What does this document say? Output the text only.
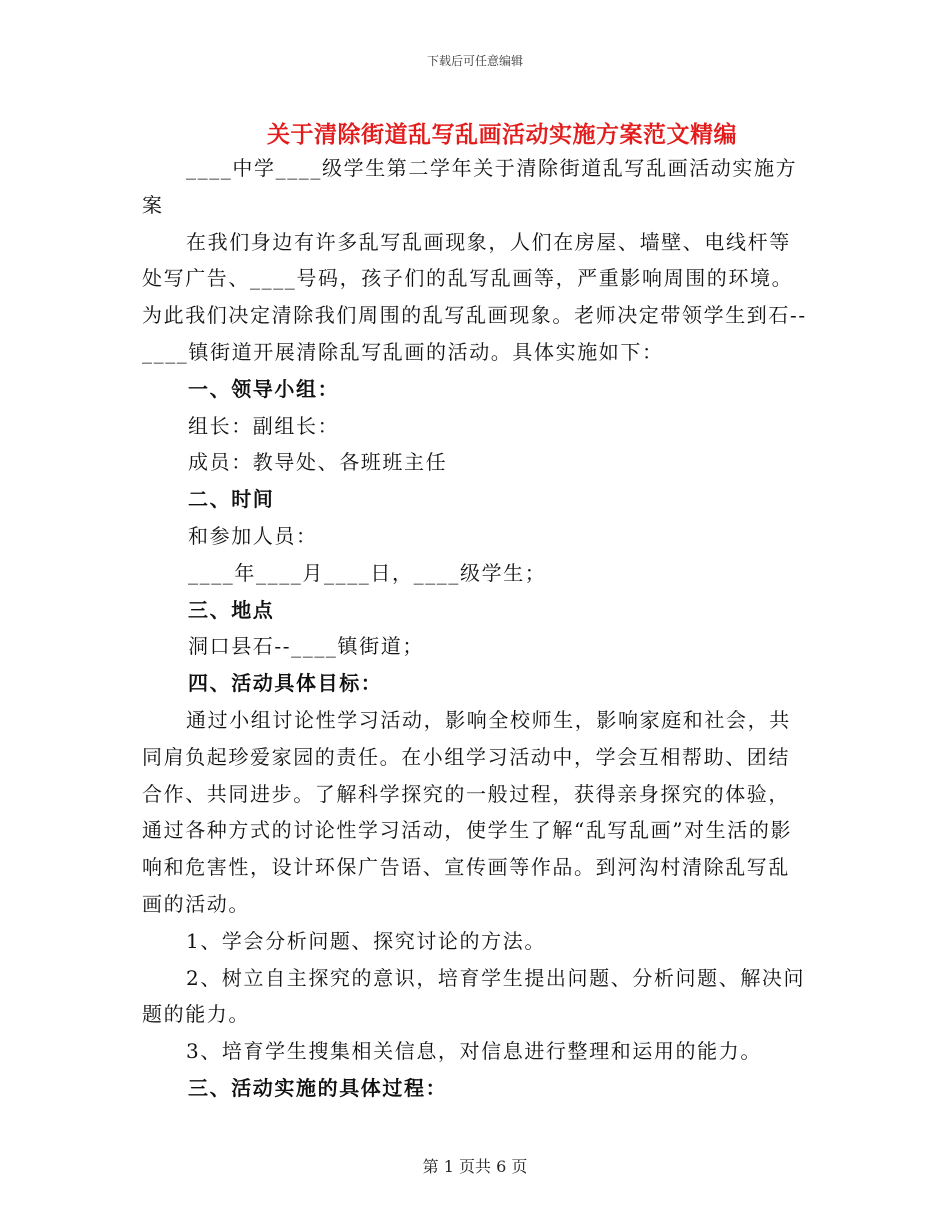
下载后可任意编辑
关于清除街道乱写乱画活动实施方案范文精编

____中学____级学生第二学年关于清除街道乱写乱画活动实施方案

在我们身边有许多乱写乱画现象，人们在房屋、墙壁、电线杆等处写广告、____号码，孩子们的乱写乱画等，严重影响周围的环境。为此我们决定清除我们周围的乱写乱画现象。老师决定带领学生到石--____镇街道开展清除乱写乱画的活动。具体实施如下：

一、领导小组：

组长：副组长：

成员：教导处、各班班主任

二、时间

和参加人员：

____年____月____日，____级学生；

三、地点

洞口县石--____镇街道；

四、活动具体目标：

通过小组讨论性学习活动，影响全校师生，影响家庭和社会，共同肩负起珍爱家园的责任。在小组学习活动中，学会互相帮助、团结合作、共同进步。了解科学探究的一般过程，获得亲身探究的体验，通过各种方式的讨论性学习活动，使学生了解“乱写乱画”对生活的影响和危害性，设计环保广告语、宣传画等作品。到河沟村清除乱写乱画的活动。

1、学会分析问题、探究讨论的方法。

2、树立自主探究的意识，培育学生提出问题、分析问题、解决问题的能力。

3、培育学生搜集相关信息，对信息进行整理和运用的能力。

三、活动实施的具体过程：

第 1 页共 6 页
